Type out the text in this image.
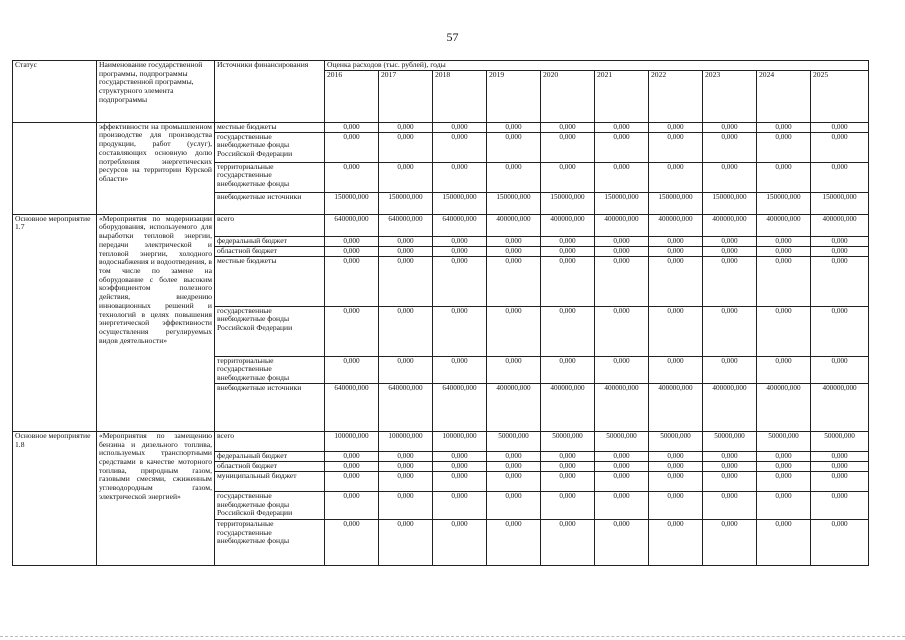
57
Статус	Наименование государственной программы, подпрограммы государственной программы, структурного элемента подпрограммы	Источники финансирования	Оценка расходов (тыс. рублей), годы									
			2016	2017	2018	2019	2020	2021	2022	2023	2024	2025
	эффективности на промышленном производстве для производства продукции, работ (услуг), составляющих основную долю потребления энергетических ресурсов на территории Курской области»	местные бюджеты	0,000	0,000	0,000	0,000	0,000	0,000	0,000	0,000	0,000	0,000
		государственные внебюджетные фонды Российской Федерации	0,000	0,000	0,000	0,000	0,000	0,000	0,000	0,000	0,000	0,000
		территориальные государственные внебюджетные фонды	0,000	0,000	0,000	0,000	0,000	0,000	0,000	0,000	0,000	0,000
		внебюджетные источники	150000,000	150000,000	150000,000	150000,000	150000,000	150000,000	150000,000	150000,000	150000,000	150000,000
Основное мероприятие 1.7	«Мероприятия по модернизации оборудования, используемого для выработки тепловой энергии, передачи электрической и тепловой энергии, холодного водоснабжения и водоотведения, в том числе по замене на оборудование с более высоким коэффициентом полезного действия, внедрению инновационных решений и технологий в целях повышения энергетической эффективности осуществления регулируемых видов деятельности»	всего	640000,000	640000,000	640000,000	400000,000	400000,000	400000,000	400000,000	400000,000	400000,000	400000,000
		федеральный бюджет	0,000	0,000	0,000	0,000	0,000	0,000	0,000	0,000	0,000	0,000
		областной бюджет	0,000	0,000	0,000	0,000	0,000	0,000	0,000	0,000	0,000	0,000
		местные бюджеты	0,000	0,000	0,000	0,000	0,000	0,000	0,000	0,000	0,000	0,000
		государственные внебюджетные фонды Российской Федерации	0,000	0,000	0,000	0,000	0,000	0,000	0,000	0,000	0,000	0,000
		территориальные государственные внебюджетные фонды	0,000	0,000	0,000	0,000	0,000	0,000	0,000	0,000	0,000	0,000
		внебюджетные источники	640000,000	640000,000	640000,000	400000,000	400000,000	400000,000	400000,000	400000,000	400000,000	400000,000
Основное мероприятие 1.8	«Мероприятия по замещению бензина и дизельного топлива, используемых транспортными средствами в качестве моторного топлива, природным газом, газовыми смесями, сжиженным углеводородным газом, электрической энергией»	всего	100000,000	100000,000	100000,000	50000,000	50000,000	50000,000	50000,000	50000,000	50000,000	50000,000
		федеральный бюджет	0,000	0,000	0,000	0,000	0,000	0,000	0,000	0,000	0,000	0,000
		областной бюджет	0,000	0,000	0,000	0,000	0,000	0,000	0,000	0,000	0,000	0,000
		муниципальный бюджет	0,000	0,000	0,000	0,000	0,000	0,000	0,000	0,000	0,000	0,000
		государственные внебюджетные фонды Российской Федерации	0,000	0,000	0,000	0,000	0,000	0,000	0,000	0,000	0,000	0,000
		территориальные государственные внебюджетные фонды	0,000	0,000	0,000	0,000	0,000	0,000	0,000	0,000	0,000	0,000
